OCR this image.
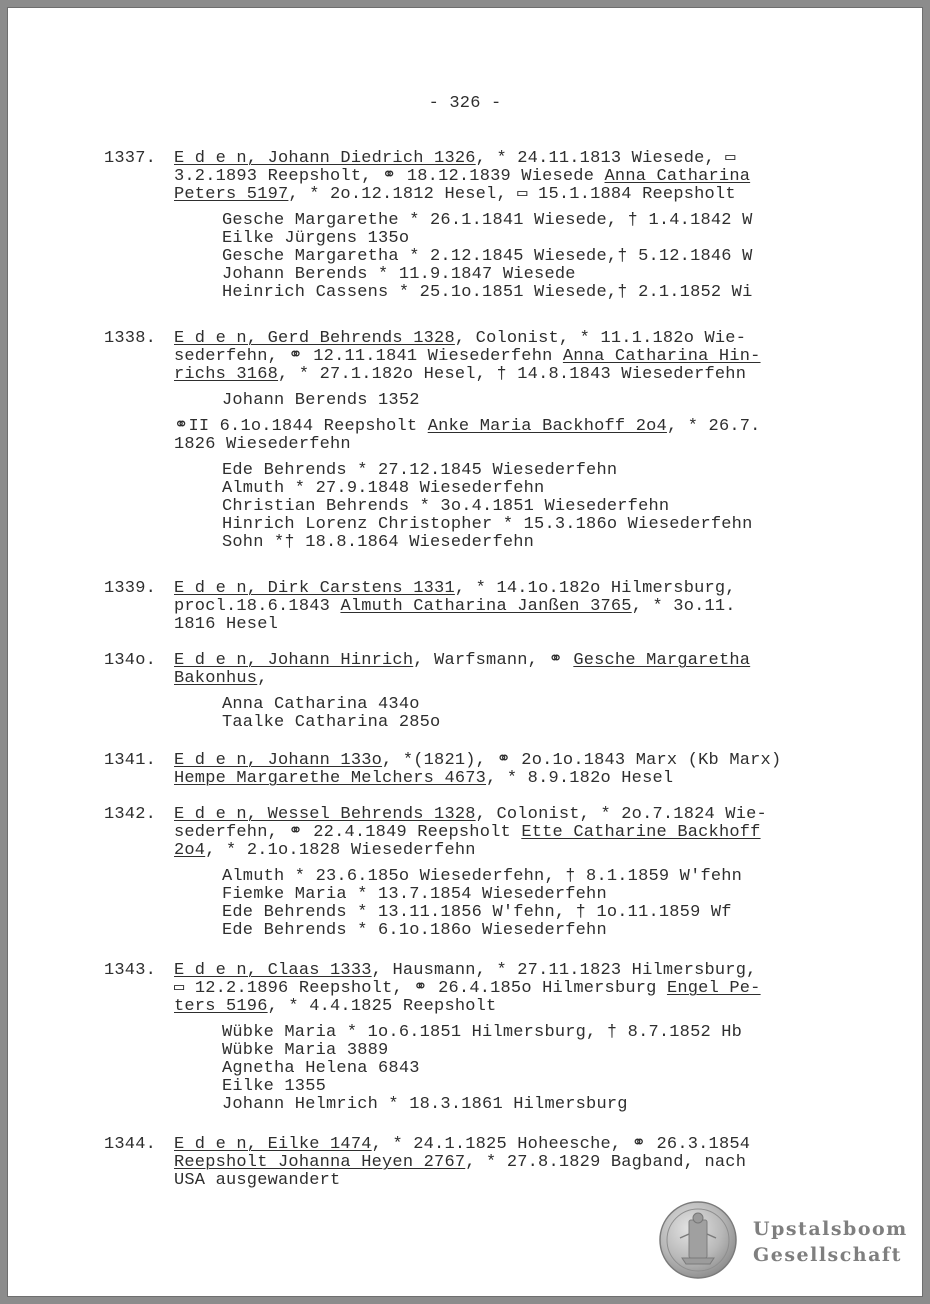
- 326 -
1337. E d e n, Johann Diedrich 1326, * 24.11.1813 Wiesede, ▭
3.2.1893 Reepsholt, ⚭ 18.12.1839 Wiesede Anna Catharina
Peters 5197, * 2o.12.1812 Hesel, ▭ 15.1.1884 Reepsholt
Gesche Margarethe * 26.1.1841 Wiesede, † 1.4.1842 W
Eilke Jürgens 135o
Gesche Margaretha * 2.12.1845 Wiesede,† 5.12.1846 W
Johann Berends * 11.9.1847 Wiesede
Heinrich Cassens * 25.1o.1851 Wiesede,† 2.1.1852 Wi
1338. E d e n, Gerd Behrends 1328, Colonist, * 11.1.182o Wie-
sederfehn, ⚭ 12.11.1841 Wiesederfehn Anna Catharina Hin-
richs 3168, * 27.1.182o Hesel, † 14.8.1843 Wiesederfehn
Johann Berends 1352
⚭II 6.1o.1844 Reepsholt Anke Maria Backhoff 2o4, * 26.7.
1826 Wiesederfehn
Ede Behrends * 27.12.1845 Wiesederfehn
Almuth * 27.9.1848 Wiesederfehn
Christian Behrends * 3o.4.1851 Wiesederfehn
Hinrich Lorenz Christopher * 15.3.186o Wiesederfehn
Sohn *† 18.8.1864 Wiesederfehn
1339. E d e n, Dirk Carstens 1331, * 14.1o.182o Hilmersburg,
procl.18.6.1843 Almuth Catharina Janßen 3765, * 3o.11.
1816 Hesel
134o. E d e n, Johann Hinrich, Warfsmann, ⚭ Gesche Margaretha
Bakonhus,
Anna Catharina 434o
Taalke Catharina 285o
1341. E d e n, Johann 133o, *(1821), ⚭ 2o.1o.1843 Marx (Kb Marx)
Hempe Margarethe Melchers 4673, * 8.9.182o Hesel
1342. E d e n, Wessel Behrends 1328, Colonist, * 2o.7.1824 Wie-
sederfehn, ⚭ 22.4.1849 Reepsholt Ette Catharine Backhoff
2o4, * 2.1o.1828 Wiesederfehn
Almuth * 23.6.185o Wiesederfehn, † 8.1.1859 W'fehn
Fiemke Maria * 13.7.1854 Wiesederfehn
Ede Behrends * 13.11.1856 W'fehn, † 1o.11.1859 Wf
Ede Behrends * 6.1o.186o Wiesederfehn
1343. E d e n, Claas 1333, Hausmann, * 27.11.1823 Hilmersburg,
▭ 12.2.1896 Reepsholt, ⚭ 26.4.185o Hilmersburg Engel Pe-
ters 5196, * 4.4.1825 Reepsholt
Wübke Maria * 1o.6.1851 Hilmersburg, † 8.7.1852 Hb
Wübke Maria 3889
Agnetha Helena 6843
Eilke 1355
Johann Helmrich * 18.3.1861 Hilmersburg
1344. E d e n, Eilke 1474, * 24.1.1825 Hoheesche, ⚭ 26.3.1854
Reepsholt Johanna Heyen 2767, * 27.8.1829 Bagband, nach
USA ausgewandert
Upstalsboom
Gesellschaft
